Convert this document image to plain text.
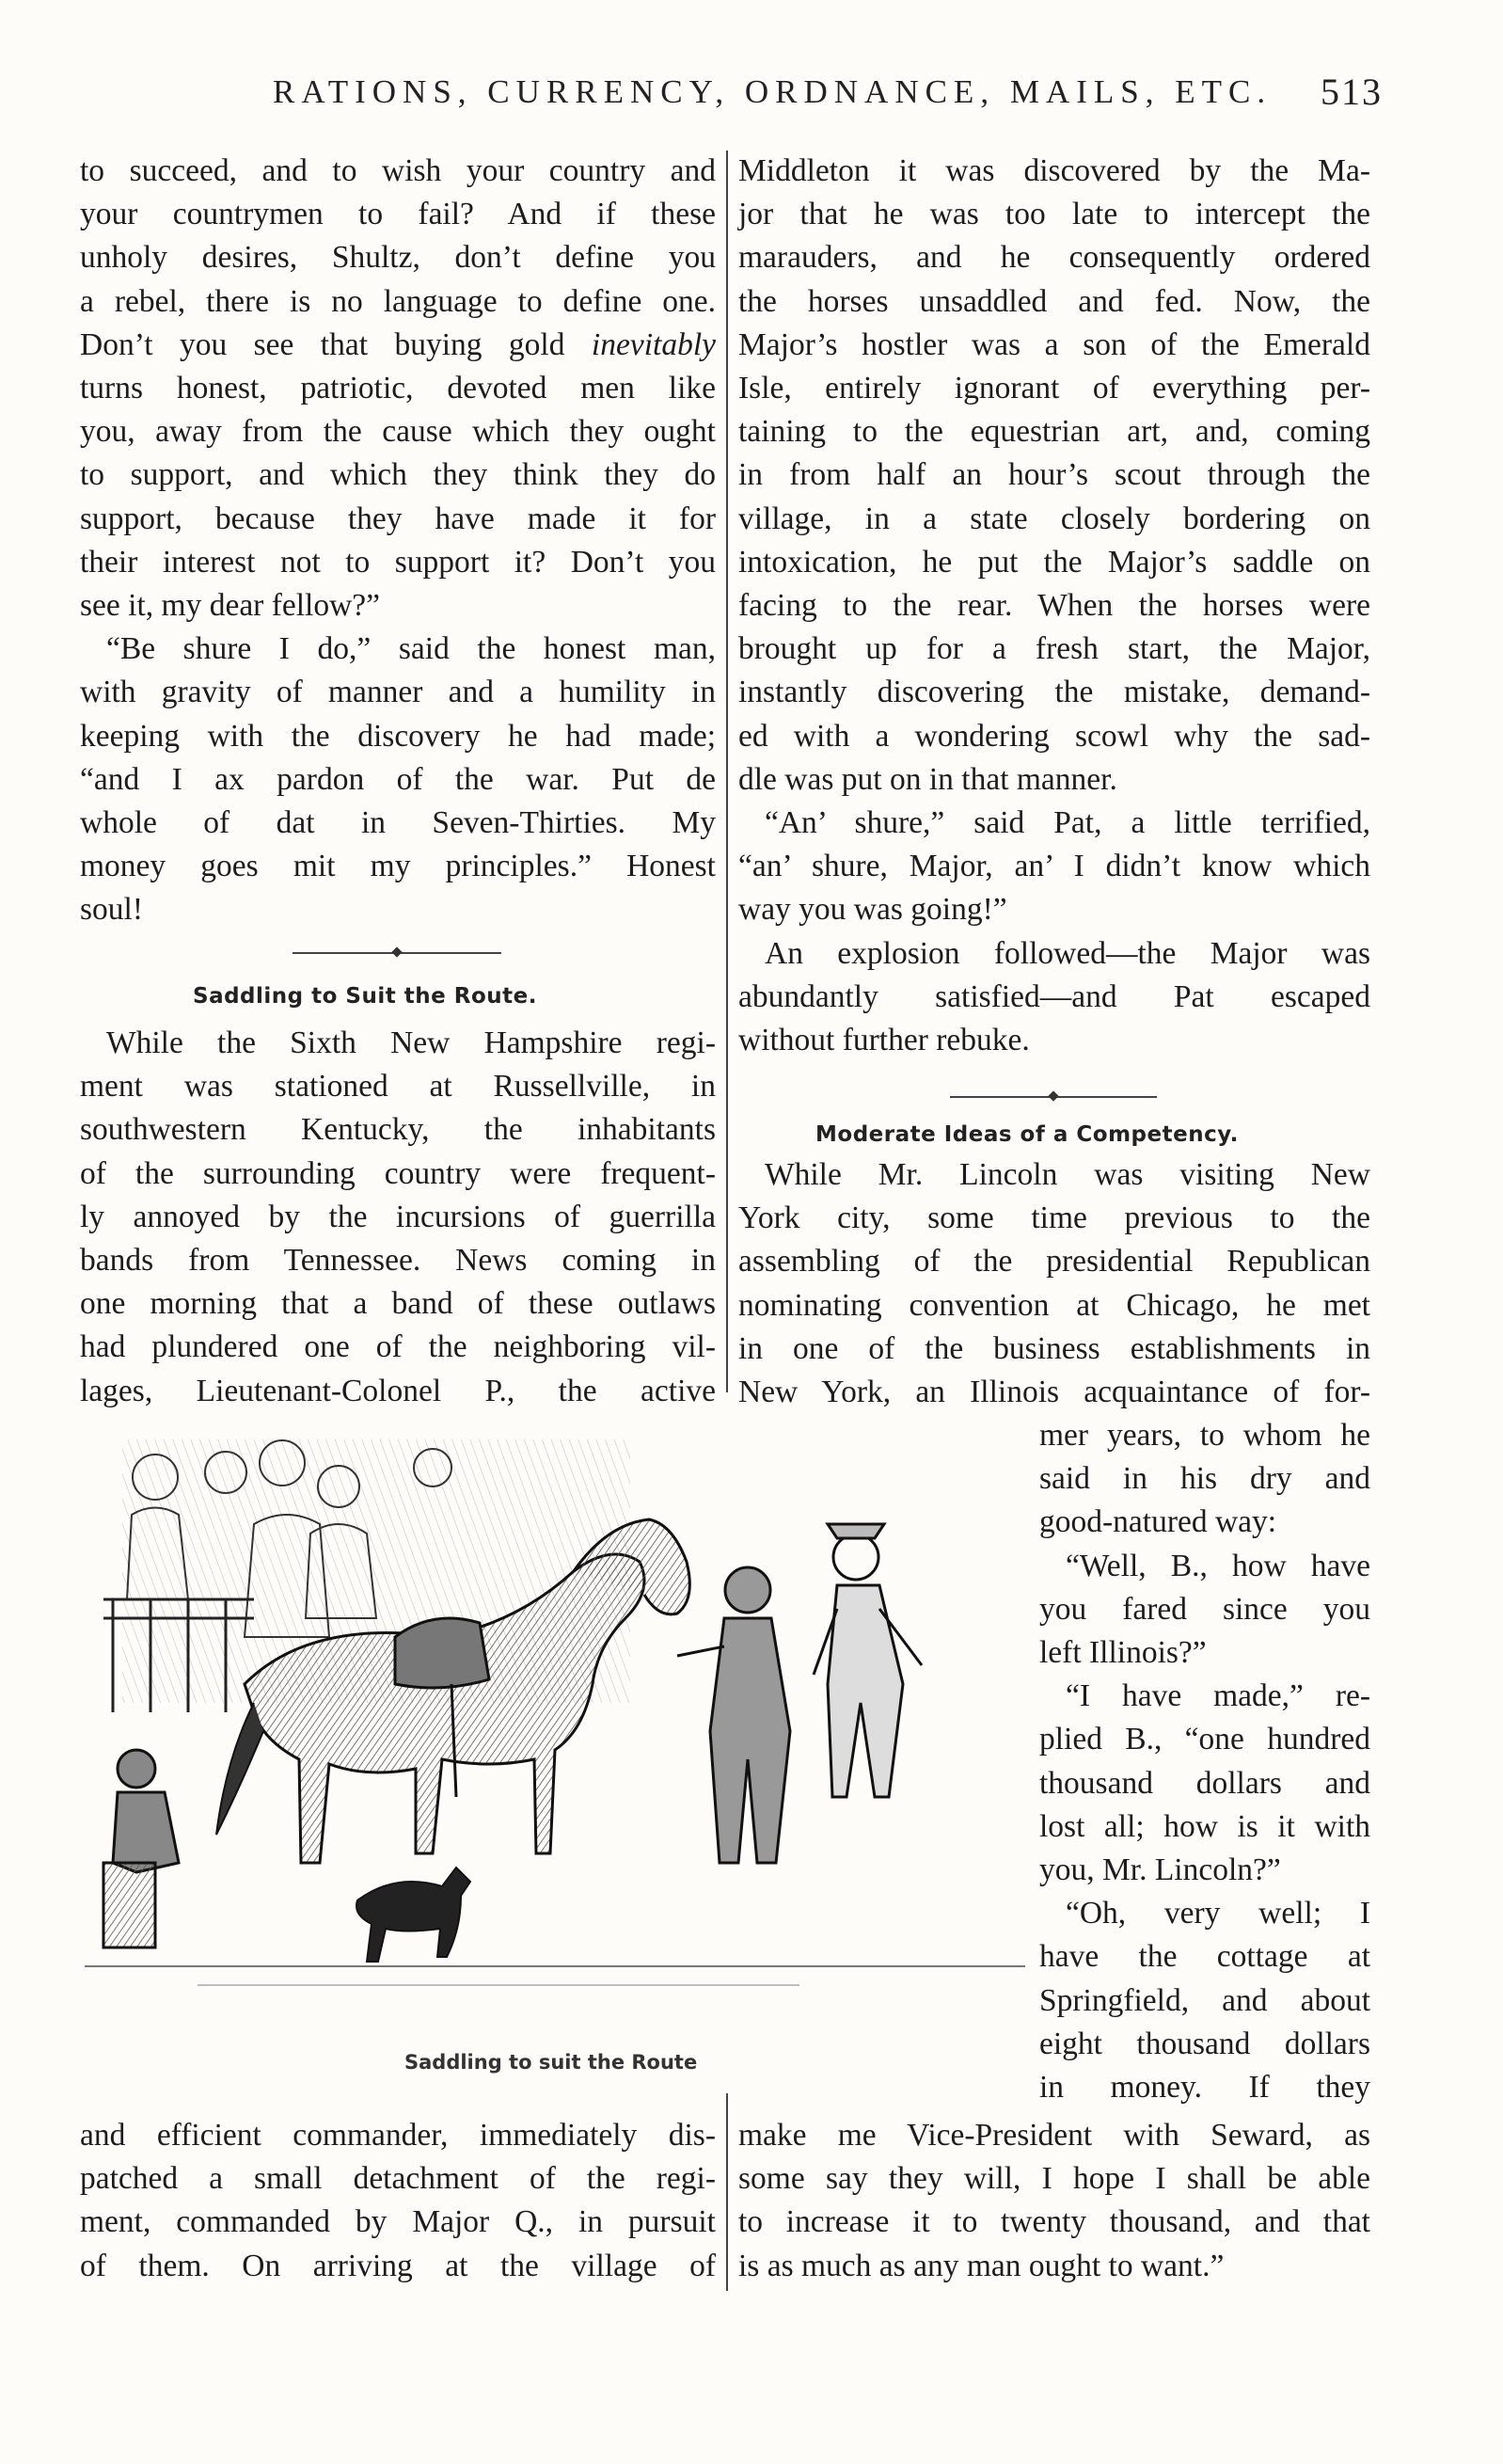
RATIONS, CURRENCY, ORDNANCE, MAILS, ETC. 513
to succeed, and to wish your country and
your countrymen to fail? And if these
unholy desires, Shultz, don’t define you
a rebel, there is no language to define one.
Don’t you see that buying gold inevitably
turns honest, patriotic, devoted men like
you, away from the cause which they ought
to support, and which they think they do
support, because they have made it for
their interest not to support it? Don’t you
see it, my dear fellow?”
“Be shure I do,” said the honest man,
with gravity of manner and a humility in
keeping with the discovery he had made;
“and I ax pardon of the war. Put de
whole of dat in Seven-Thirties. My
money goes mit my principles.” Honest
soul!
Saddling to Suit the Route.
While the Sixth New Hampshire regi-
ment was stationed at Russellville, in
southwestern Kentucky, the inhabitants
of the surrounding country were frequent-
ly annoyed by the incursions of guerrilla
bands from Tennessee. News coming in
one morning that a band of these outlaws
had plundered one of the neighboring vil-
lages, Lieutenant-Colonel P., the active
and efficient commander, immediately dis-
patched a small detachment of the regi-
ment, commanded by Major Q., in pursuit
of them. On arriving at the village of
Middleton it was discovered by the Ma-
jor that he was too late to intercept the
marauders, and he consequently ordered
the horses unsaddled and fed. Now, the
Major’s hostler was a son of the Emerald
Isle, entirely ignorant of everything per-
taining to the equestrian art, and, coming
in from half an hour’s scout through the
village, in a state closely bordering on
intoxication, he put the Major’s saddle on
facing to the rear. When the horses were
brought up for a fresh start, the Major,
instantly discovering the mistake, demand-
ed with a wondering scowl why the sad-
dle was put on in that manner.
“An’ shure,” said Pat, a little terrified,
“an’ shure, Major, an’ I didn’t know which
way you was going!”
An explosion followed—the Major was
abundantly satisfied—and Pat escaped
without further rebuke.
Moderate Ideas of a Competency.
While Mr. Lincoln was visiting New
York city, some time previous to the
assembling of the presidential Republican
nominating convention at Chicago, he met
in one of the business establishments in
New York, an Illinois acquaintance of for-
mer years, to whom he
said in his dry and
good-natured way:
“Well, B., how have
you fared since you
left Illinois?”
“I have made,” re-
plied B., “one hundred
thousand dollars and
lost all; how is it with
you, Mr. Lincoln?”
“Oh, very well; I
have the cottage at
Springfield, and about
eight thousand dollars
in money. If they
make me Vice-President with Seward, as
some say they will, I hope I shall be able
to increase it to twenty thousand, and that
is as much as any man ought to want.”
Saddling to suit the Route
